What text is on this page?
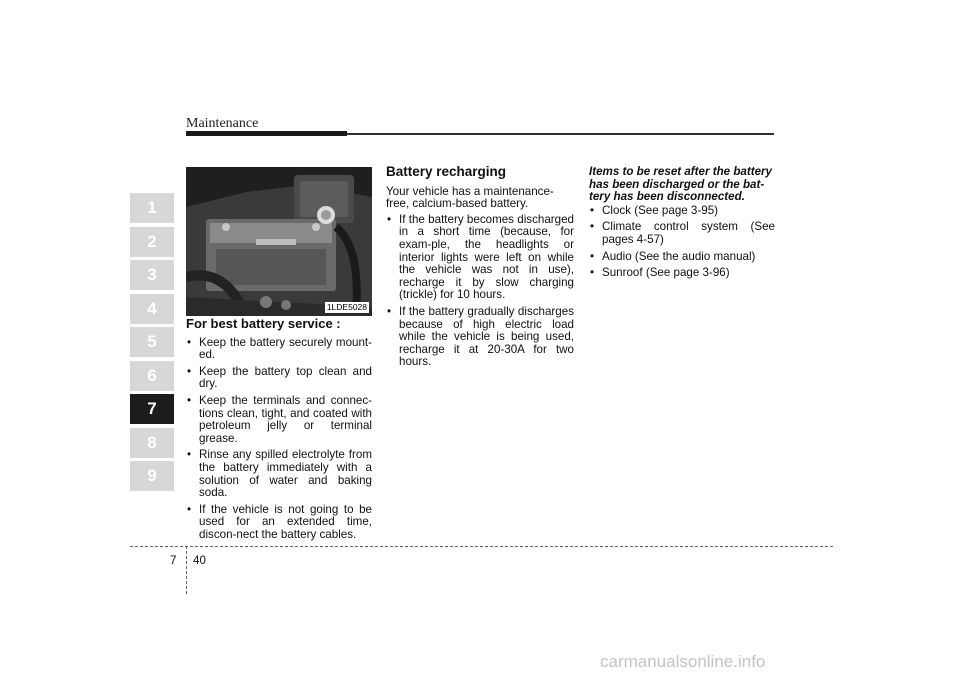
Maintenance
1
2
3
4
5
6
7
8
9
1LDE5028
For best battery service :
• Keep the battery securely mount-ed.
• Keep the battery top clean and dry.
• Keep the terminals and connec-tions clean, tight, and coated with petroleum jelly or terminal grease.
• Rinse any spilled electrolyte from the battery immediately with a solution of water and baking soda.
• If the vehicle is not going to be used for an extended time, discon-nect the battery cables.
Battery recharging

Your vehicle has a maintenance-free, calcium-based battery.

• If the battery becomes discharged in a short time (because, for exam-ple, the headlights or interior lights were left on while the vehicle was not in use), recharge it by slow charging (trickle) for 10 hours.
• If the battery gradually discharges because of high electric load while the vehicle is being used, recharge it at 20-30A for two hours.

Items to be reset after the battery has been discharged or the bat-tery has been disconnected.

• Clock (See page 3-95)
• Climate control system (See pages 4-57)
• Audio (See the audio manual)
• Sunroof (See page 3-96)
7 40
carmanualsonline.info
